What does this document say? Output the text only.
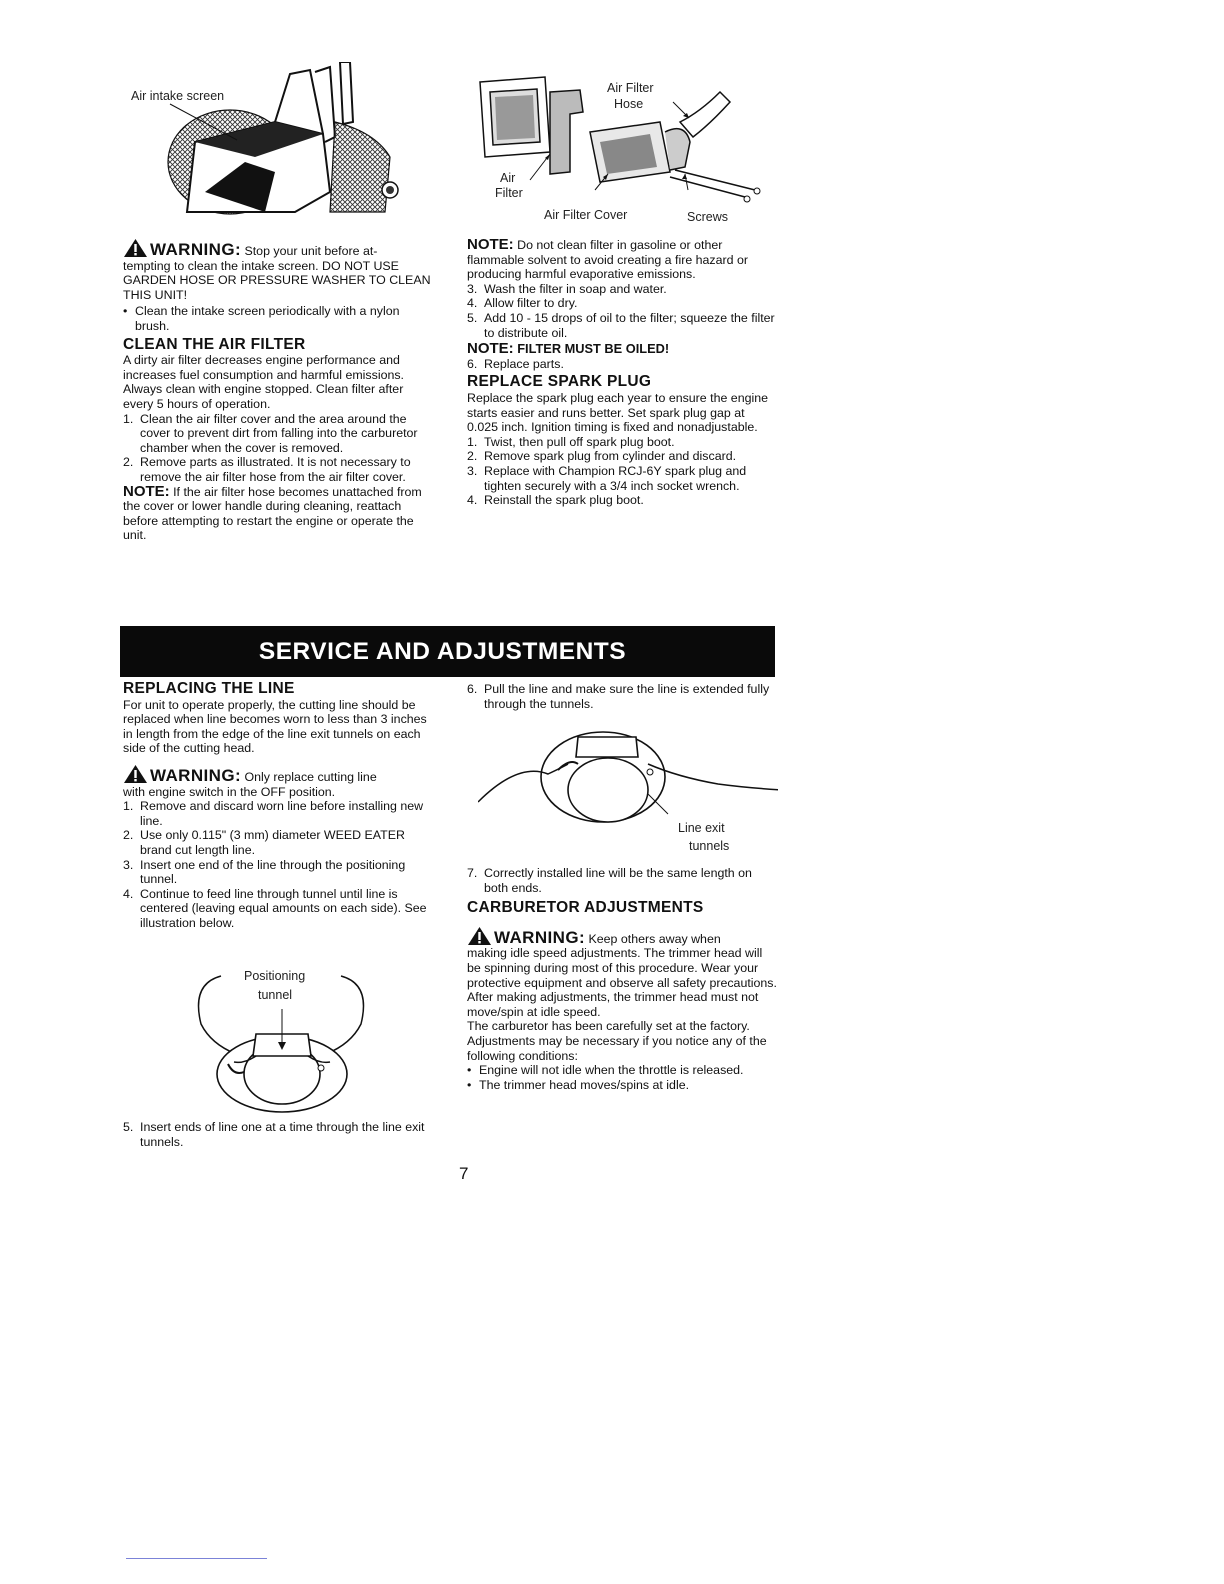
Air intake screen
Air Filter
Hose
Air
Filter
Air Filter Cover	Screws

WARNING: Stop your unit before at-
tempting to clean the intake screen. DO NOT USE GARDEN HOSE OR PRESSURE WASHER TO CLEAN THIS UNIT!

• Clean the intake screen periodically with a nylon brush.
CLEAN THE AIR FILTER

A dirty air filter decreases engine performance and increases fuel consumption and harmful emissions. Always clean with engine stopped. Clean filter after every 5 hours of operation.

1. Clean the air filter cover and the area around the cover to prevent dirt from falling into the carburetor chamber when the cover is removed.
2. Remove parts as illustrated. It is not necessary to remove the air filter hose from the air filter cover.

NOTE: If the air filter hose becomes unattached from the cover or lower handle during cleaning, reattach before attempting to restart the engine or operate the unit.

NOTE: Do not clean filter in gasoline or other flammable solvent to avoid creating a fire hazard or producing harmful evaporative emissions.

3. Wash the filter in soap and water.
4. Allow filter to dry.
5. Add 10 - 15 drops of oil to the filter; squeeze the filter to distribute oil.

NOTE: FILTER MUST BE OILED!

6. Replace parts.
REPLACE SPARK PLUG

Replace the spark plug each year to ensure the engine starts easier and runs better. Set spark plug gap at 0.025 inch. Ignition timing is fixed and nonadjustable.

1. Twist, then pull off spark plug boot.
2. Remove spark plug from cylinder and discard.
3. Replace with Champion RCJ-6Y spark plug and tighten securely with a 3/4 inch socket wrench.
4. Reinstall the spark plug boot.
SERVICE AND ADJUSTMENTS
REPLACING THE LINE

For unit to operate properly, the cutting line should be replaced when line becomes worn to less than 3 inches in length from the edge of the line exit tunnels on each side of the cutting head.

WARNING: Only replace cutting line
with engine switch in the OFF position.

1. Remove and discard worn line before installing new line.
2. Use only 0.115" (3 mm) diameter WEED EATER brand cut length line.
3. Insert one end of the line through the positioning tunnel.
4. Continue to feed line through tunnel until line is centered (leaving equal amounts on each side). See illustration below.
Positioning
tunnel
5. Insert ends of line one at a time through the line exit tunnels.
6. Pull the line and make sure the line is extended fully through the tunnels.
Line exit
tunnels
7. Correctly installed line will be the same length on both ends.
CARBURETOR ADJUSTMENTS

WARNING: Keep others away when
making idle speed adjustments. The trimmer head will be spinning during most of this procedure. Wear your protective equipment and observe all safety precautions. After making adjustments, the trimmer head must not move/spin at idle speed.

The carburetor has been carefully set at the factory. Adjustments may be necessary if you notice any of the following conditions:

• Engine will not idle when the throttle is released.
• The trimmer head moves/spins at idle.
7
